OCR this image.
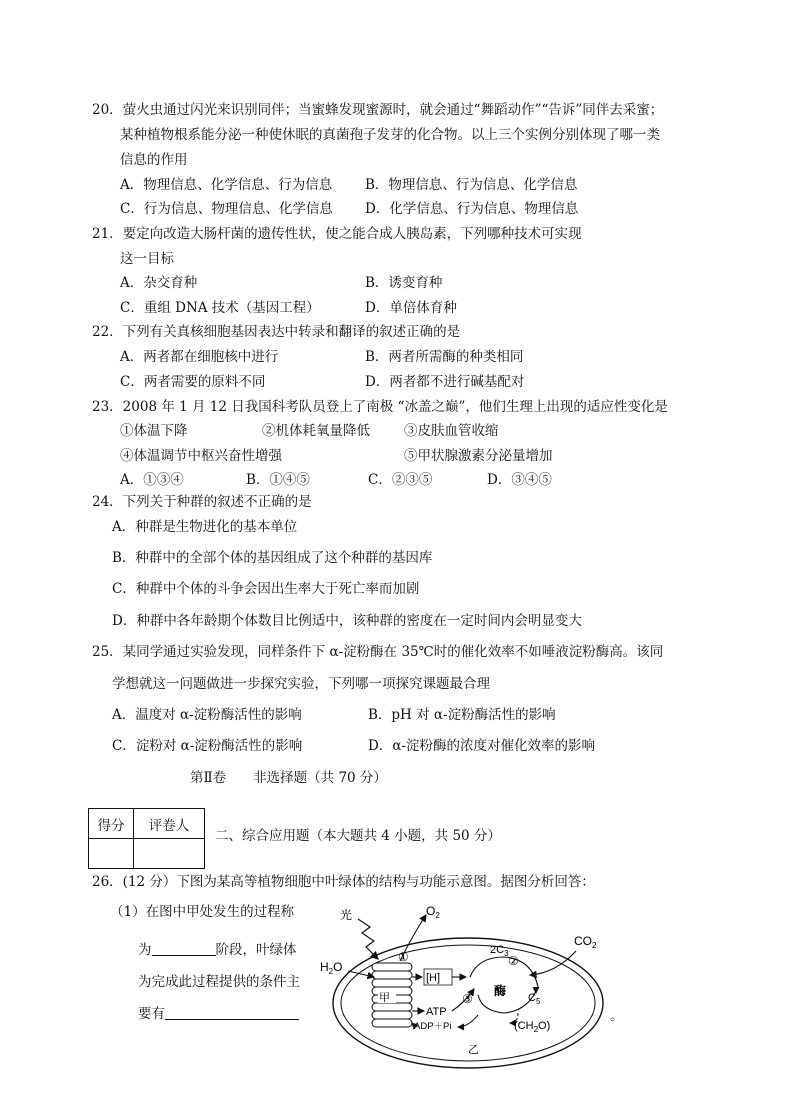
20．萤火虫通过闪光来识别同伴；当蜜蜂发现蜜源时，就会通过“舞蹈动作”“告诉”同伴去采蜜；
某种植物根系能分泌一种使休眠的真菌孢子发芽的化合物。以上三个实例分别体现了哪一类
信息的作用
A．物理信息、化学信息、行为信息 B．物理信息、行为信息、化学信息
C．行为信息、物理信息、化学信息 D．化学信息、行为信息、物理信息
21．要定向改造大肠杆菌的遗传性状，使之能合成人胰岛素，下列哪种技术可实现
这一目标
A．杂交育种	B．诱变育种
C．重组 DNA 技术（基因工程）	D．单倍体育种
22．下列有关真核细胞基因表达中转录和翻译的叙述正确的是
A．两者都在细胞核中进行	B．两者所需酶的种类相同
C．两者需要的原料不同	D．两者都不进行碱基配对
23．2008 年 1 月 12 日我国科考队员登上了南极 “冰盖之巅”，他们生理上出现的适应性变化是
①体温下降	②机体耗氧量降低	③皮肤血管收缩
④体温调节中枢兴奋性增强	⑤甲状腺激素分泌量增加
A．①③④	B．①④⑤	C．②③⑤	D．③④⑤
24．下列关于种群的叙述不正确的是
A．种群是生物进化的基本单位
B．种群中的全部个体的基因组成了这个种群的基因库
C．种群中个体的斗争会因出生率大于死亡率而加剧
D．种群中各年龄期个体数目比例适中，该种群的密度在一定时间内会明显变大
25．某同学通过实验发现，同样条件下 α-淀粉酶在 35℃时的催化效率不如唾液淀粉酶高。该同
学想就这一问题做进一步探究实验，下列哪一项探究课题最合理
A．温度对 α-淀粉酶活性的影响	B．pH 对 α-淀粉酶活性的影响
C．淀粉对 α-淀粉酶活性的影响	D．α-淀粉酶的浓度对催化效率的影响
第Ⅱ卷　　非选择题（共 70 分）
得分	评卷人

二、综合应用题（本大题共 4 小题，共 50 分）
26．(12 分）下图为某高等植物细胞中叶绿体的结构与功能示意图。据图分析回答：
（1）在图中甲处发生的过程称
为	阶段，叶绿体
为完成此过程提供的条件主
要有	。
甲
光
$H_2O$
$O_2$
①
[H]
ATP
③
ADP＋Pi
酶
$2C_3$
$C_5$
②
$CO_2$
$(CH_2O)$
乙
